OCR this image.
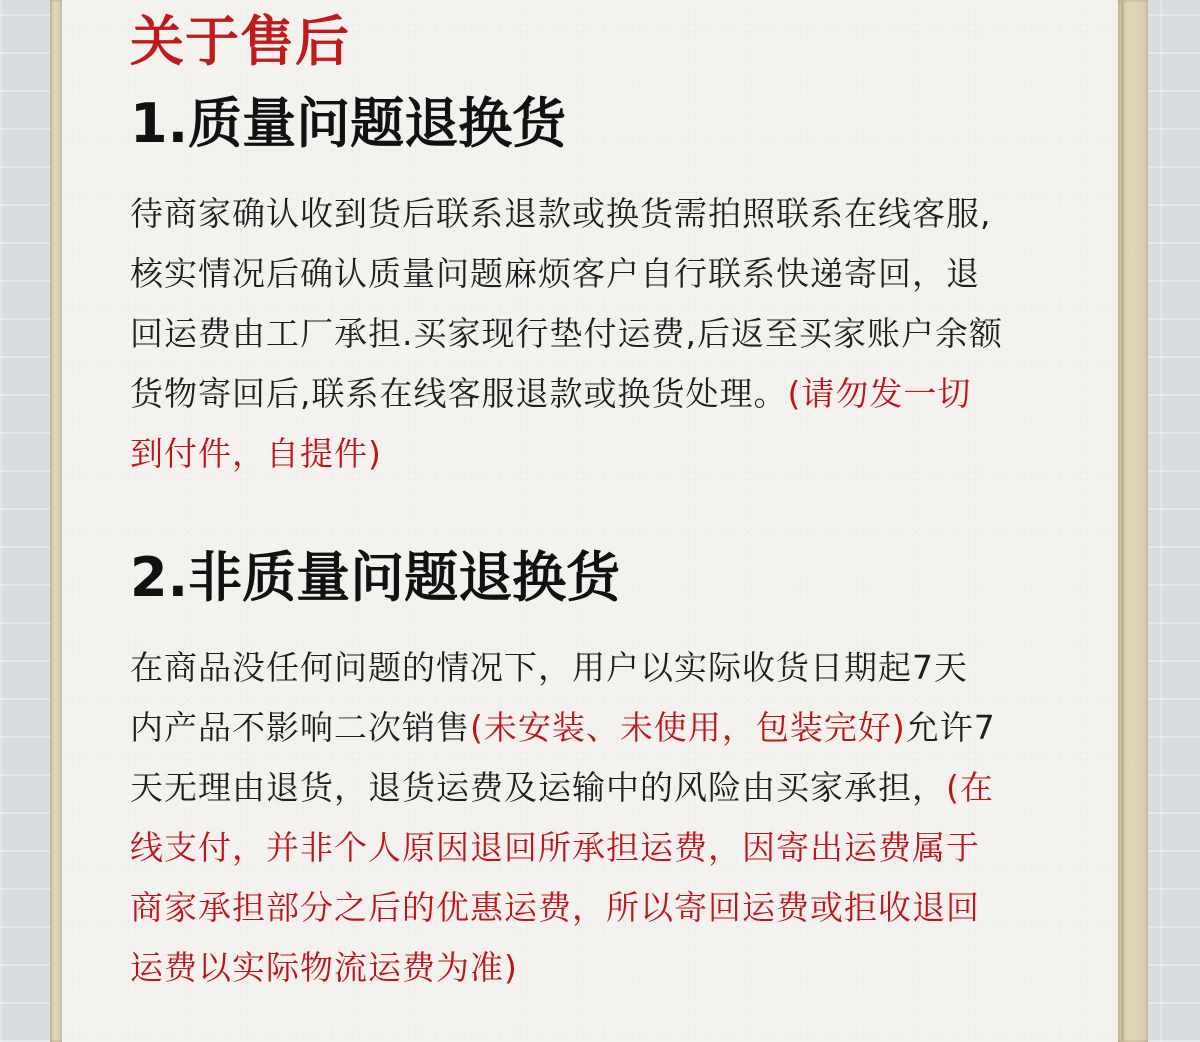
关于售后
1.质量问题退换货
待商家确认收到货后联系退款或换货需拍照联系在线客服,
核实情况后确认质量问题麻烦客户自行联系快递寄回，退
回运费由工厂承担.买家现行垫付运费,后返至买家账户余额
货物寄回后,联系在线客服退款或换货处理。(请勿发一切
到付件，自提件)
2.非质量问题退换货
在商品没任何问题的情况下，用户以实际收货日期起7天
内产品不影响二次销售(未安装、未使用，包装完好)允许7
天无理由退货，退货运费及运输中的风险由买家承担，(在
线支付，并非个人原因退回所承担运费，因寄出运费属于
商家承担部分之后的优惠运费，所以寄回运费或拒收退回
运费以实际物流运费为准)
